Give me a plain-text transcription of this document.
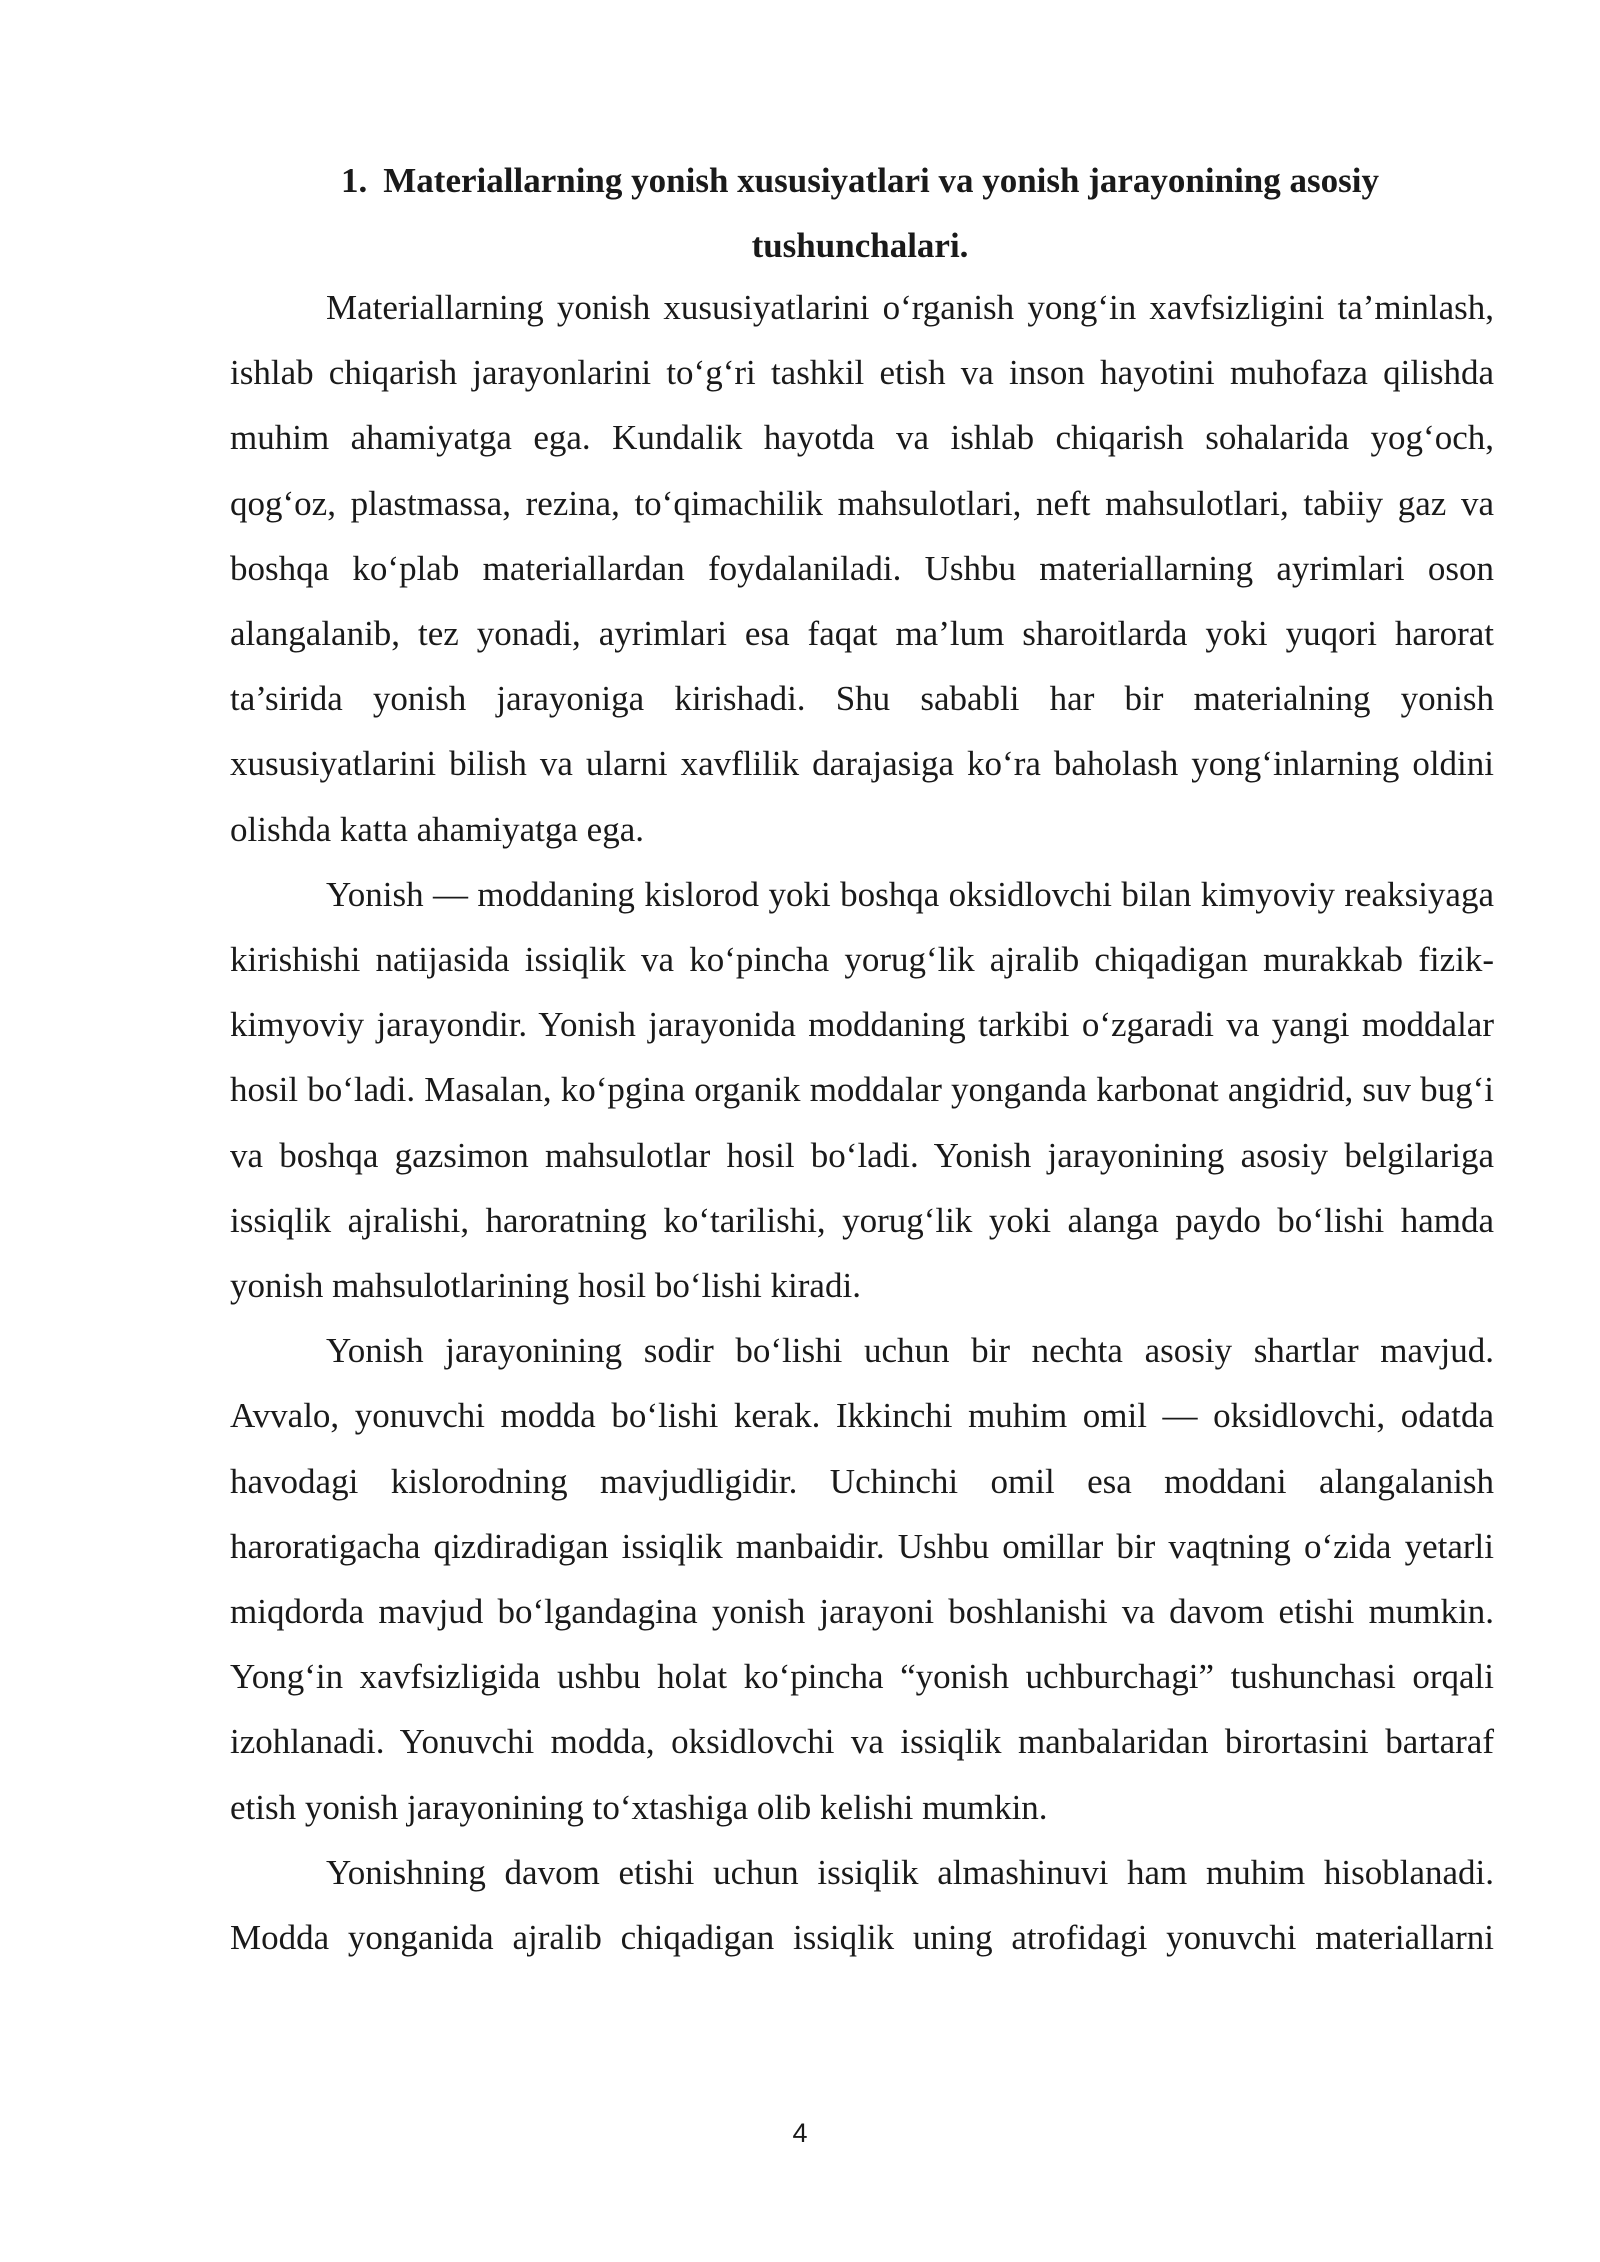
1. Materiallarning yonish xususiyatlari va yonish jarayonining asosiy tushunchalari.

Materiallarning yonish xususiyatlarini o‘rganish yong‘in xavfsizligini ta’minlash, ishlab chiqarish jarayonlarini to‘g‘ri tashkil etish va inson hayotini muhofaza qilishda muhim ahamiyatga ega. Kundalik hayotda va ishlab chiqarish sohalarida yog‘och, qog‘oz, plastmassa, rezina, to‘qimachilik mahsulotlari, neft mahsulotlari, tabiiy gaz va boshqa ko‘plab materiallardan foydalaniladi. Ushbu materiallarning ayrimlari oson alangalanib, tez yonadi, ayrimlari esa faqat ma’lum sharoitlarda yoki yuqori harorat ta’sirida yonish jarayoniga kirishadi. Shu sababli har bir materialning yonish xususiyatlarini bilish va ularni xavflilik darajasiga ko‘ra baholash yong‘inlarning oldini olishda katta ahamiyatga ega.

Yonish — moddaning kislorod yoki boshqa oksidlovchi bilan kimyoviy reaksiyaga kirishishi natijasida issiqlik va ko‘pincha yorug‘lik ajralib chiqadigan murakkab fizik-kimyoviy jarayondir. Yonish jarayonida moddaning tarkibi o‘zgaradi va yangi moddalar hosil bo‘ladi. Masalan, ko‘pgina organik moddalar yonganda karbonat angidrid, suv bug‘i va boshqa gazsimon mahsulotlar hosil bo‘ladi. Yonish jarayonining asosiy belgilariga issiqlik ajralishi, haroratning ko‘tarilishi, yorug‘lik yoki alanga paydo bo‘lishi hamda yonish mahsulotlarining hosil bo‘lishi kiradi.

Yonish jarayonining sodir bo‘lishi uchun bir nechta asosiy shartlar mavjud. Avvalo, yonuvchi modda bo‘lishi kerak. Ikkinchi muhim omil — oksidlovchi, odatda havodagi kislorodning mavjudligidir. Uchinchi omil esa moddani alangalanish haroratigacha qizdiradigan issiqlik manbaidir. Ushbu omillar bir vaqtning o‘zida yetarli miqdorda mavjud bo‘lgandagina yonish jarayoni boshlanishi va davom etishi mumkin. Yong‘in xavfsizligida ushbu holat ko‘pincha “yonish uchburchagi” tushunchasi orqali izohlanadi. Yonuvchi modda, oksidlovchi va issiqlik manbalaridan birortasini bartaraf etish yonish jarayonining to‘xtashiga olib kelishi mumkin.

Yonishning davom etishi uchun issiqlik almashinuvi ham muhim hisoblanadi. Modda yonganida ajralib chiqadigan issiqlik uning atrofidagi yonuvchi materiallarni

4
